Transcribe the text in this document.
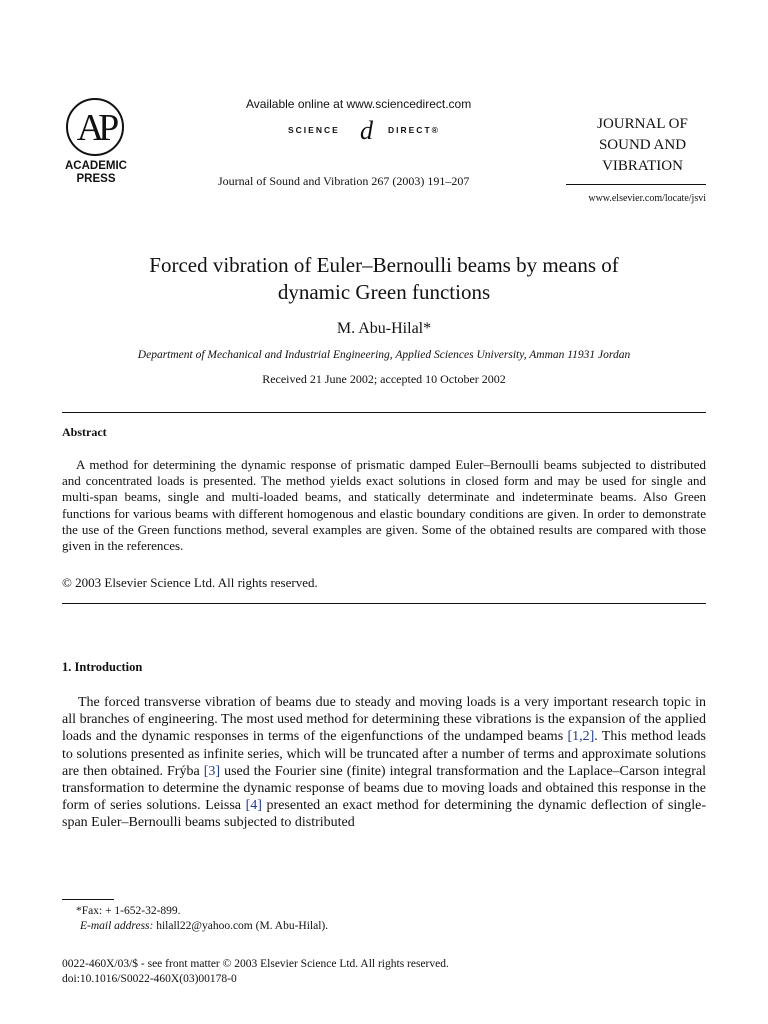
AP
ACADEMIC
PRESS
Available online at www.sciencedirect.com
SCIENCE d DIRECT®
Journal of Sound and Vibration 267 (2003) 191–207
JOURNAL OF
SOUND AND
VIBRATION
www.elsevier.com/locate/jsvi
Forced vibration of Euler–Bernoulli beams by means of
dynamic Green functions
M. Abu-Hilal*
Department of Mechanical and Industrial Engineering, Applied Sciences University, Amman 11931 Jordan
Received 21 June 2002; accepted 10 October 2002
Abstract
A method for determining the dynamic response of prismatic damped Euler–Bernoulli beams subjected to distributed and concentrated loads is presented. The method yields exact solutions in closed form and may be used for single and multi-span beams, single and multi-loaded beams, and statically determinate and indeterminate beams. Also Green functions for various beams with different homogenous and elastic boundary conditions are given. In order to demonstrate the use of the Green functions method, several examples are given. Some of the obtained results are compared with those given in the references.
© 2003 Elsevier Science Ltd. All rights reserved.
1. Introduction
The forced transverse vibration of beams due to steady and moving loads is a very important research topic in all branches of engineering. The most used method for determining these vibrations is the expansion of the applied loads and the dynamic responses in terms of the eigenfunctions of the undamped beams [1,2]. This method leads to solutions presented as infinite series, which will be truncated after a number of terms and approximate solutions are then obtained. Frýba [3] used the Fourier sine (finite) integral transformation and the Laplace–Carson integral transformation to determine the dynamic response of beams due to moving loads and obtained this response in the form of series solutions. Leissa [4] presented an exact method for determining the dynamic deflection of single-span Euler–Bernoulli beams subjected to distributed
*Fax: + 1-652-32-899.
E-mail address: hilall22@yahoo.com (M. Abu-Hilal).
0022-460X/03/$ - see front matter © 2003 Elsevier Science Ltd. All rights reserved.
doi:10.1016/S0022-460X(03)00178-0
